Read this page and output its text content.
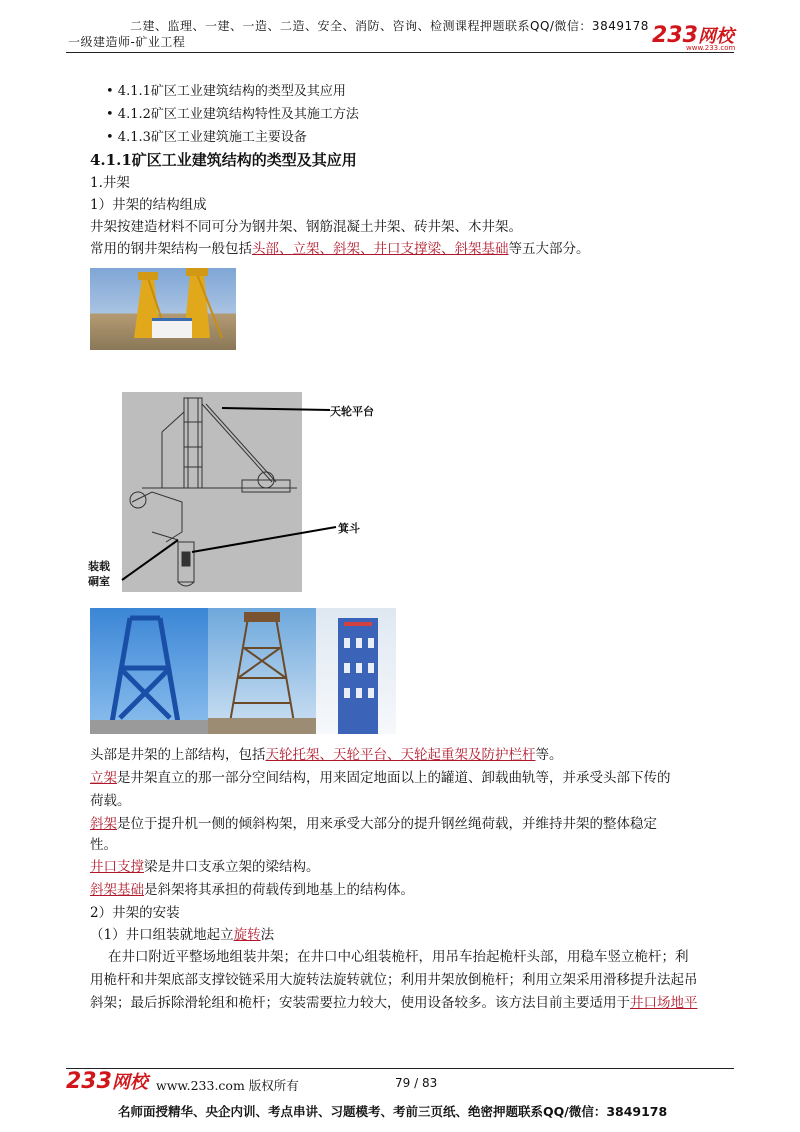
二建、监理、一建、一造、二造、安全、消防、咨询、检测课程押题联系QQ/微信：3849178
一级建造师-矿业工程	233网校
www.233.com
• 4.1.1矿区工业建筑结构的类型及其应用
• 4.1.2矿区工业建筑结构特性及其施工方法
• 4.1.3矿区工业建筑施工主要设备
4.1.1矿区工业建筑结构的类型及其应用
1.井架
1）井架的结构组成
井架按建造材料不同可分为钢井架、钢筋混凝土井架、砖井架、木井架。
常用的钢井架结构一般包括头部、立架、斜架、井口支撑梁、斜架基础等五大部分。
天轮平台
箕斗
装载
硐室
头部是井架的上部结构，包括天轮托架、天轮平台、天轮起重架及防护栏杆等。
立架是井架直立的那一部分空间结构，用来固定地面以上的罐道、卸载曲轨等，并承受头部下传的
荷载。
斜架是位于提升机一侧的倾斜构架，用来承受大部分的提升钢丝绳荷载，并维持井架的整体稳定
性。
井口支撑梁是井口支承立架的梁结构。
斜架基础是斜架将其承担的荷载传到地基上的结构体。
2）井架的安装
（1）井口组装就地起立旋转法
在井口附近平整场地组装井架；在井口中心组装桅杆，用吊车抬起桅杆头部，用稳车竖立桅杆；利
用桅杆和井架底部支撑铰链采用大旋转法旋转就位；利用井架放倒桅杆；利用立架采用滑移提升法起吊
斜架；最后拆除滑轮组和桅杆；安装需要拉力较大，使用设备较多。该方法目前主要适用于井口场地平
233网校 www.233.com 版权所有	79 / 83
名师面授精华、央企内训、考点串讲、习题模考、考前三页纸、绝密押题联系QQ/微信：3849178
